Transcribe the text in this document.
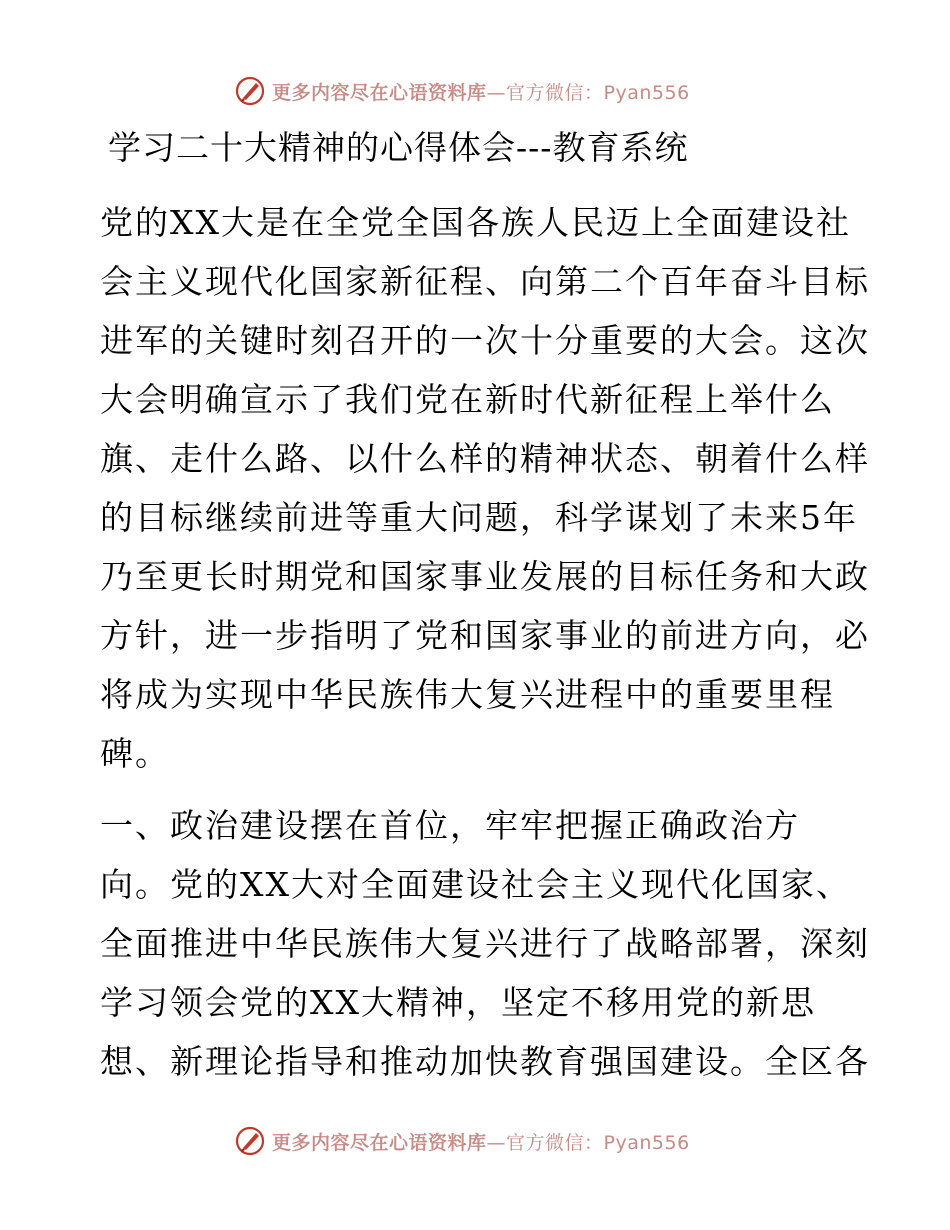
更多内容尽在心语资料库—官方微信：Pyan556
学习二十大精神的心得体会---教育系统
党的XX大是在全党全国各族人民迈上全面建设社
会主义现代化国家新征程、向第二个百年奋斗目标
进军的关键时刻召开的一次十分重要的大会。这次
大会明确宣示了我们党在新时代新征程上举什么
旗、走什么路、以什么样的精神状态、朝着什么样
的目标继续前进等重大问题，科学谋划了未来5年
乃至更长时期党和国家事业发展的目标任务和大政
方针，进一步指明了党和国家事业的前进方向，必
将成为实现中华民族伟大复兴进程中的重要里程
碑。
一、政治建设摆在首位，牢牢把握正确政治方
向。党的XX大对全面建设社会主义现代化国家、
全面推进中华民族伟大复兴进行了战略部署，深刻
学习领会党的XX大精神，坚定不移用党的新思
想、新理论指导和推动加快教育强国建设。全区各
更多内容尽在心语资料库—官方微信：Pyan556
